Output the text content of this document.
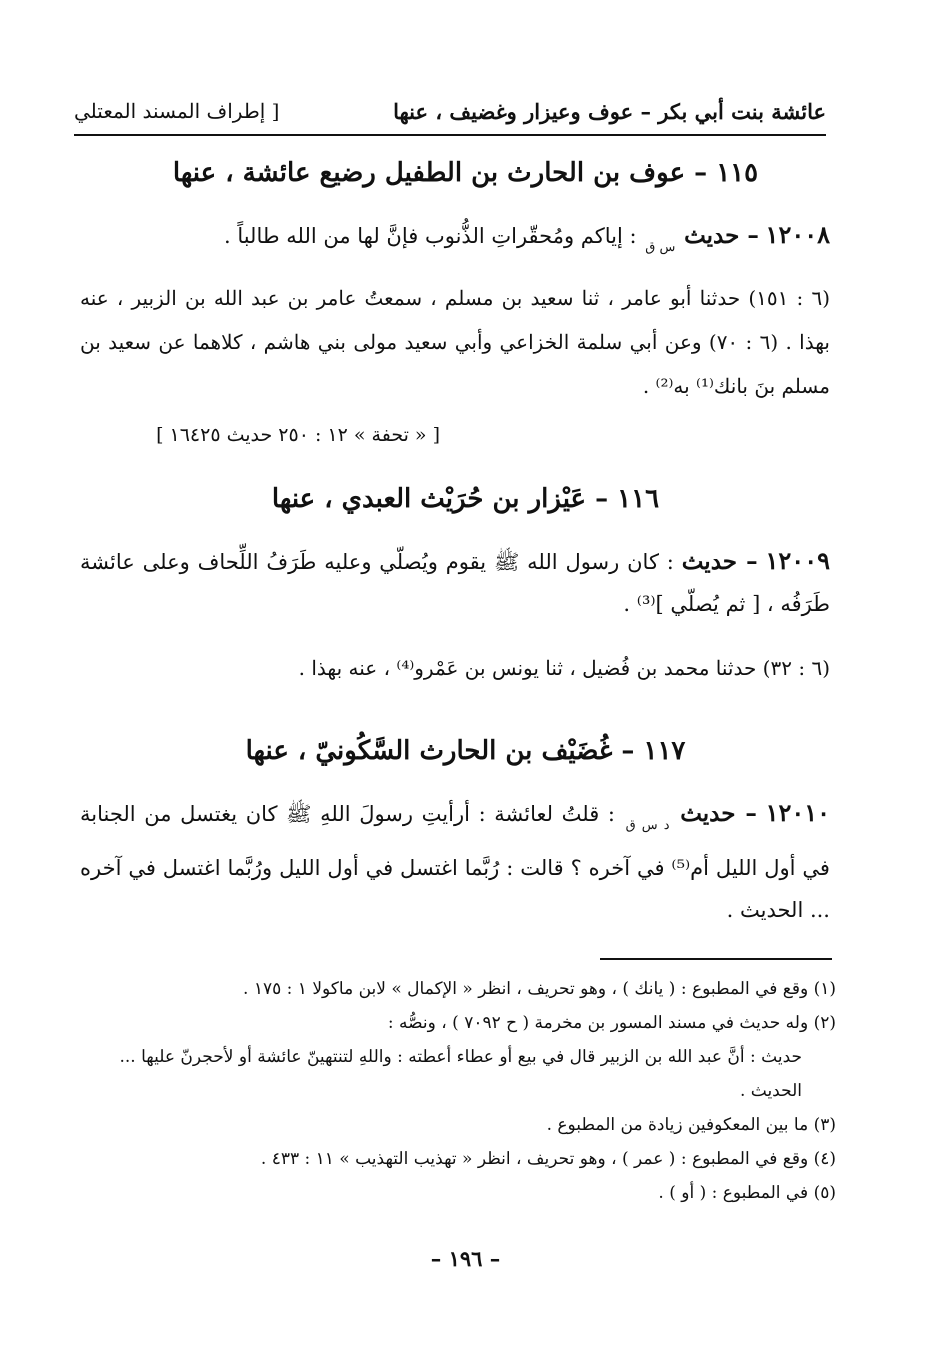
عائشة بنت أبي بكر – عوف وعيزار وغضيف ، عنها
[ إطراف المسند المعتلي
١١٥ – عوف بن الحارث بن الطفيل رضيع عائشة ، عنها
١٢٠٠٨ – حديث $_{س ق}$ : إياكم ومُحقّراتِ الذُّنوب فإنَّ لها من الله طالباً .
(٦ : ١٥١) حدثنا أبو عامر ، ثنا سعيد بن مسلم ، سمعتُ عامر بن عبد الله بن الزبير ، عنه بهذا . (٦ : ٧٠) وعن أبي سلمة الخزاعي وأبي سعيد مولى بني هاشم ، كلاهما عن سعيد بن مسلم بنَ بانك⁽¹⁾ به⁽²⁾ .
[ « تحفة » ١٢ : ٢٥٠ حديث ١٦٤٢٥ ]
١١٦ – عَيْزار بن حُرَيْث العبدي ، عنها
١٢٠٠٩ – حديث : كان رسول الله ﷺ يقوم ويُصلّي وعليه طَرَفُ اللِّحاف وعلى عائشة طَرَفُه ، [ ثم يُصلّي ]⁽³⁾ .
(٦ : ٣٢) حدثنا محمد بن فُضيل ، ثنا يونس بن عَمْرو⁽⁴⁾ ، عنه بهذا .
١١٧ – غُضَيْف بن الحارث السَّكُونيّ ، عنها
١٢٠١٠ – حديث $_{د س ق}$ : قلتُ لعائشة : أرأيتِ رسولَ اللهِ ﷺ كان يغتسل من الجنابة في أول الليل أم⁽⁵⁾ في آخره ؟ قالت : رُبَّما اغتسل في أول الليل ورُبَّما اغتسل في آخره ... الحديث .
(١) وقع في المطبوع : ( يانك ) ، وهو تحريف ، انظر « الإكمال » لابن ماكولا ١ : ١٧٥ .
(٢) وله حديث في مسند المسور بن مخرمة ( ح ٧٠٩٢ ) ، ونصُّه :
حديث : أنَّ عبد الله بن الزبير قال في بيع أو عطاء أعطته : واللهِ لتنتهينّ عائشة أو لأحجرنّ عليها ...
الحديث .
(٣) ما بين المعكوفين زيادة من المطبوع .
(٤) وقع في المطبوع : ( عمر ) ، وهو تحريف ، انظر « تهذيب التهذيب » ١١ : ٤٣٣ .
(٥) في المطبوع : ( أو ) .
– ١٩٦ –
